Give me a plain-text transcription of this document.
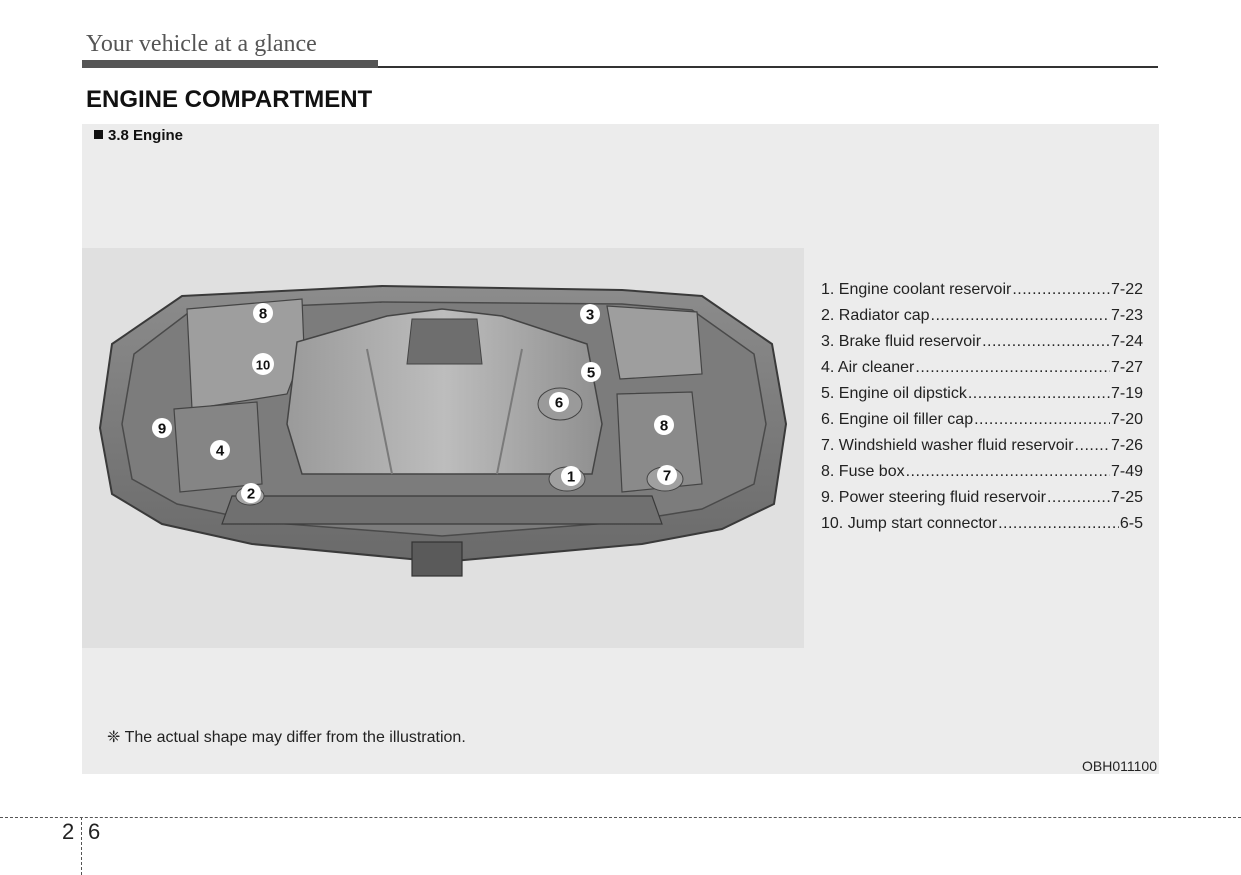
Your vehicle at a glance
ENGINE COMPARTMENT
3.8 Engine
1
2
3
4
5
6
7
8
8
9
10
1. Engine coolant reservoir .....	7-22
2. Radiator cap .....	7-23
3. Brake fluid reservoir .....	7-24
4. Air cleaner .....	7-27
5. Engine oil dipstick .....	7-19
6. Engine oil filler cap .....	7-20
7. Windshield washer fluid reservoir ..... 7-26
8. Fuse box .....	7-49
9. Power steering fluid reservoir .....	7-25
10. Jump start connector .....	6-5
❈ The actual shape may differ from the illustration.
OBH011100
2 6
